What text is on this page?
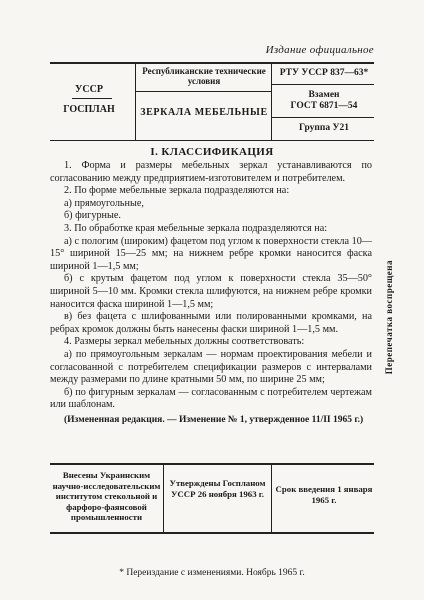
Издание официальное
УССР
ГОСПЛАН
Республиканские технические условия
ЗЕРКАЛА МЕБЕЛЬНЫЕ
РТУ УССР 837—63*
Взамен
ГОСТ 6871—54
Группа У21
I. КЛАССИФИКАЦИЯ

1. Форма и размеры мебельных зеркал устанавливаются по согласованию между предприятием-изготовителем и потребителем.

2. По форме мебельные зеркала подразделяются на:

а) прямоугольные,

б) фигурные.

3. По обработке края мебельные зеркала подразделяются на:

а) с пологим (широким) фацетом под углом к поверхности стекла 10—15° шириной 15—25 мм; на нижнем ребре кромки наносится фаска шириной 1—1,5 мм;

б) с крутым фацетом под углом к поверхности стекла 35—50° шириной 5—10 мм. Кромки стекла шлифуются, на нижнем ребре кромки наносится фаска шириной 1—1,5 мм;

в) без фацета с шлифованными или полированными кромками, на ребрах кромок должны быть нанесены фаски шириной 1—1,5 мм.

4. Размеры зеркал мебельных должны соответствовать:

а) по прямоугольным зеркалам — нормам проектирования мебели и согласованной с потребителем спецификации размеров с интервалами между размерами по длине кратными 50 мм, по ширине 25 мм;

б) по фигурным зеркалам — согласованным с потребителем чертежам или шаблонам.

(Измененная редакция. — Изменение № 1, утвержденное 11/II 1965 г.)

Перепечатка воспрещена
Внесены Украинским научно-исследовательским институтом стекольной и фарфоро-фаянсовой промышленности
Утверждены Госпланом УССР 26 ноября 1963 г.	Срок введения 1 января 1965 г.
* Переиздание с изменениями. Ноябрь 1965 г.
